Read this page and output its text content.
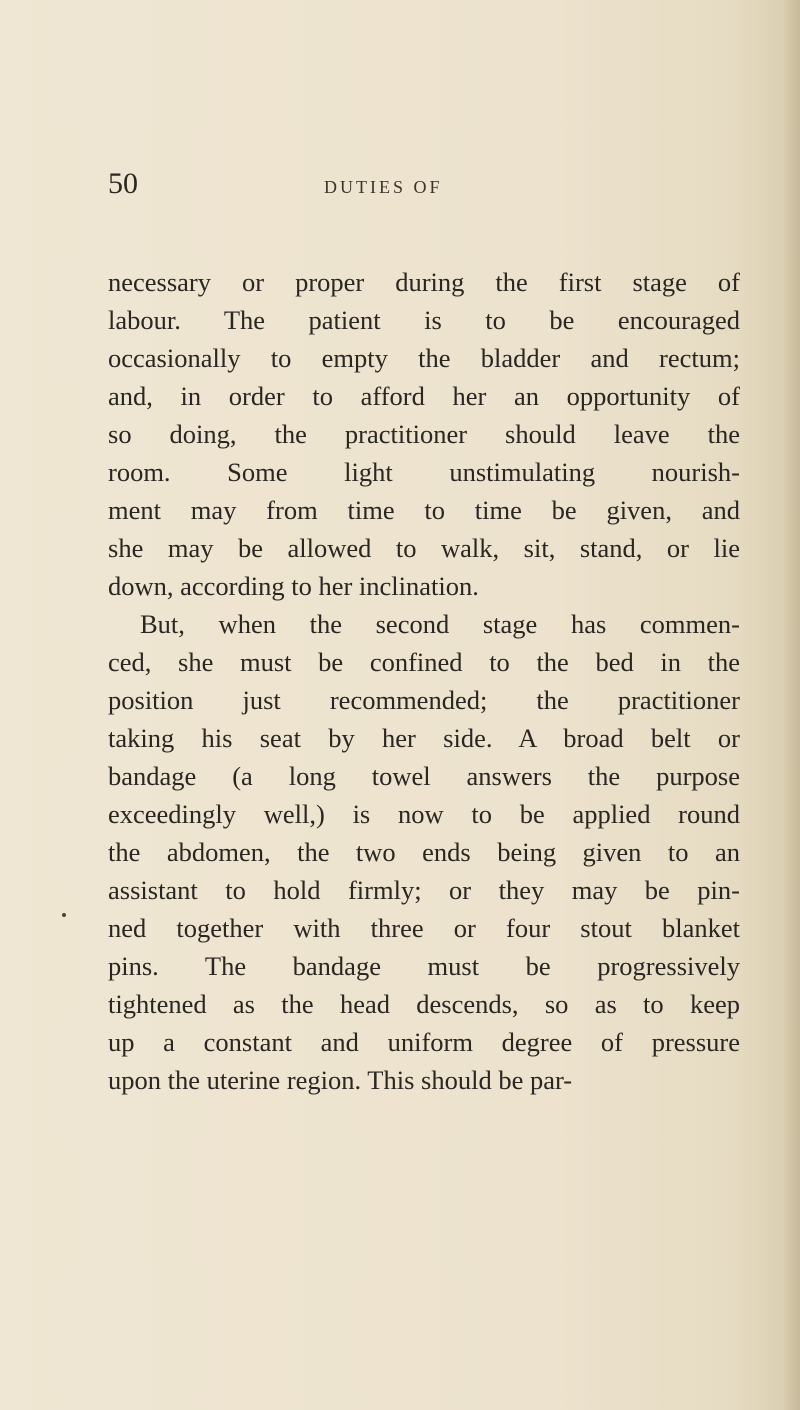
50	DUTIES OF
necessary or proper during the first stage of
labour. The patient is to be encouraged
occasionally to empty the bladder and rectum;
and, in order to afford her an opportunity of
so doing, the practitioner should leave the
room. Some light unstimulating nourish-
ment may from time to time be given, and
she may be allowed to walk, sit, stand, or lie
down, according to her inclination.
But, when the second stage has commen-
ced, she must be confined to the bed in the
position just recommended; the practitioner
taking his seat by her side. A broad belt or
bandage (a long towel answers the purpose
exceedingly well,) is now to be applied round
the abdomen, the two ends being given to an
assistant to hold firmly; or they may be pin-
ned together with three or four stout blanket
pins. The bandage must be progressively
tightened as the head descends, so as to keep
up a constant and uniform degree of pressure
upon the uterine region. This should be par-
